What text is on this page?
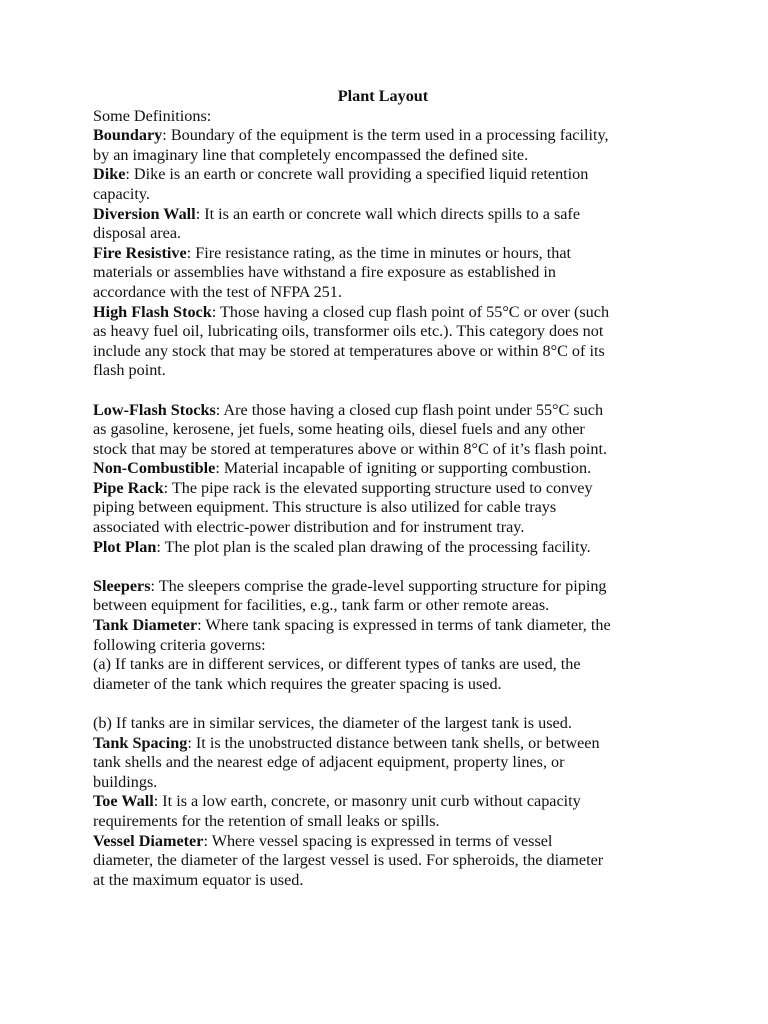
Plant Layout
Some Definitions:
Boundary: Boundary of the equipment is the term used in a processing facility,
by an imaginary line that completely encompassed the defined site.
Dike: Dike is an earth or concrete wall providing a specified liquid retention
capacity.
Diversion Wall: It is an earth or concrete wall which directs spills to a safe
disposal area.
Fire Resistive: Fire resistance rating, as the time in minutes or hours, that
materials or assemblies have withstand a fire exposure as established in
accordance with the test of NFPA 251.
High Flash Stock: Those having a closed cup flash point of 55°C or over (such
as heavy fuel oil, lubricating oils, transformer oils etc.). This category does not
include any stock that may be stored at temperatures above or within 8°C of its
flash point.
Low-Flash Stocks: Are those having a closed cup flash point under 55°C such
as gasoline, kerosene, jet fuels, some heating oils, diesel fuels and any other
stock that may be stored at temperatures above or within 8°C of it’s flash point.
Non-Combustible: Material incapable of igniting or supporting combustion.
Pipe Rack: The pipe rack is the elevated supporting structure used to convey
piping between equipment. This structure is also utilized for cable trays
associated with electric-power distribution and for instrument tray.
Plot Plan: The plot plan is the scaled plan drawing of the processing facility.
Sleepers: The sleepers comprise the grade-level supporting structure for piping
between equipment for facilities, e.g., tank farm or other remote areas.
Tank Diameter: Where tank spacing is expressed in terms of tank diameter, the
following criteria governs:
(a) If tanks are in different services, or different types of tanks are used, the
diameter of the tank which requires the greater spacing is used.
(b) If tanks are in similar services, the diameter of the largest tank is used.
Tank Spacing: It is the unobstructed distance between tank shells, or between
tank shells and the nearest edge of adjacent equipment, property lines, or
buildings.
Toe Wall: It is a low earth, concrete, or masonry unit curb without capacity
requirements for the retention of small leaks or spills.
Vessel Diameter: Where vessel spacing is expressed in terms of vessel
diameter, the diameter of the largest vessel is used. For spheroids, the diameter
at the maximum equator is used.
